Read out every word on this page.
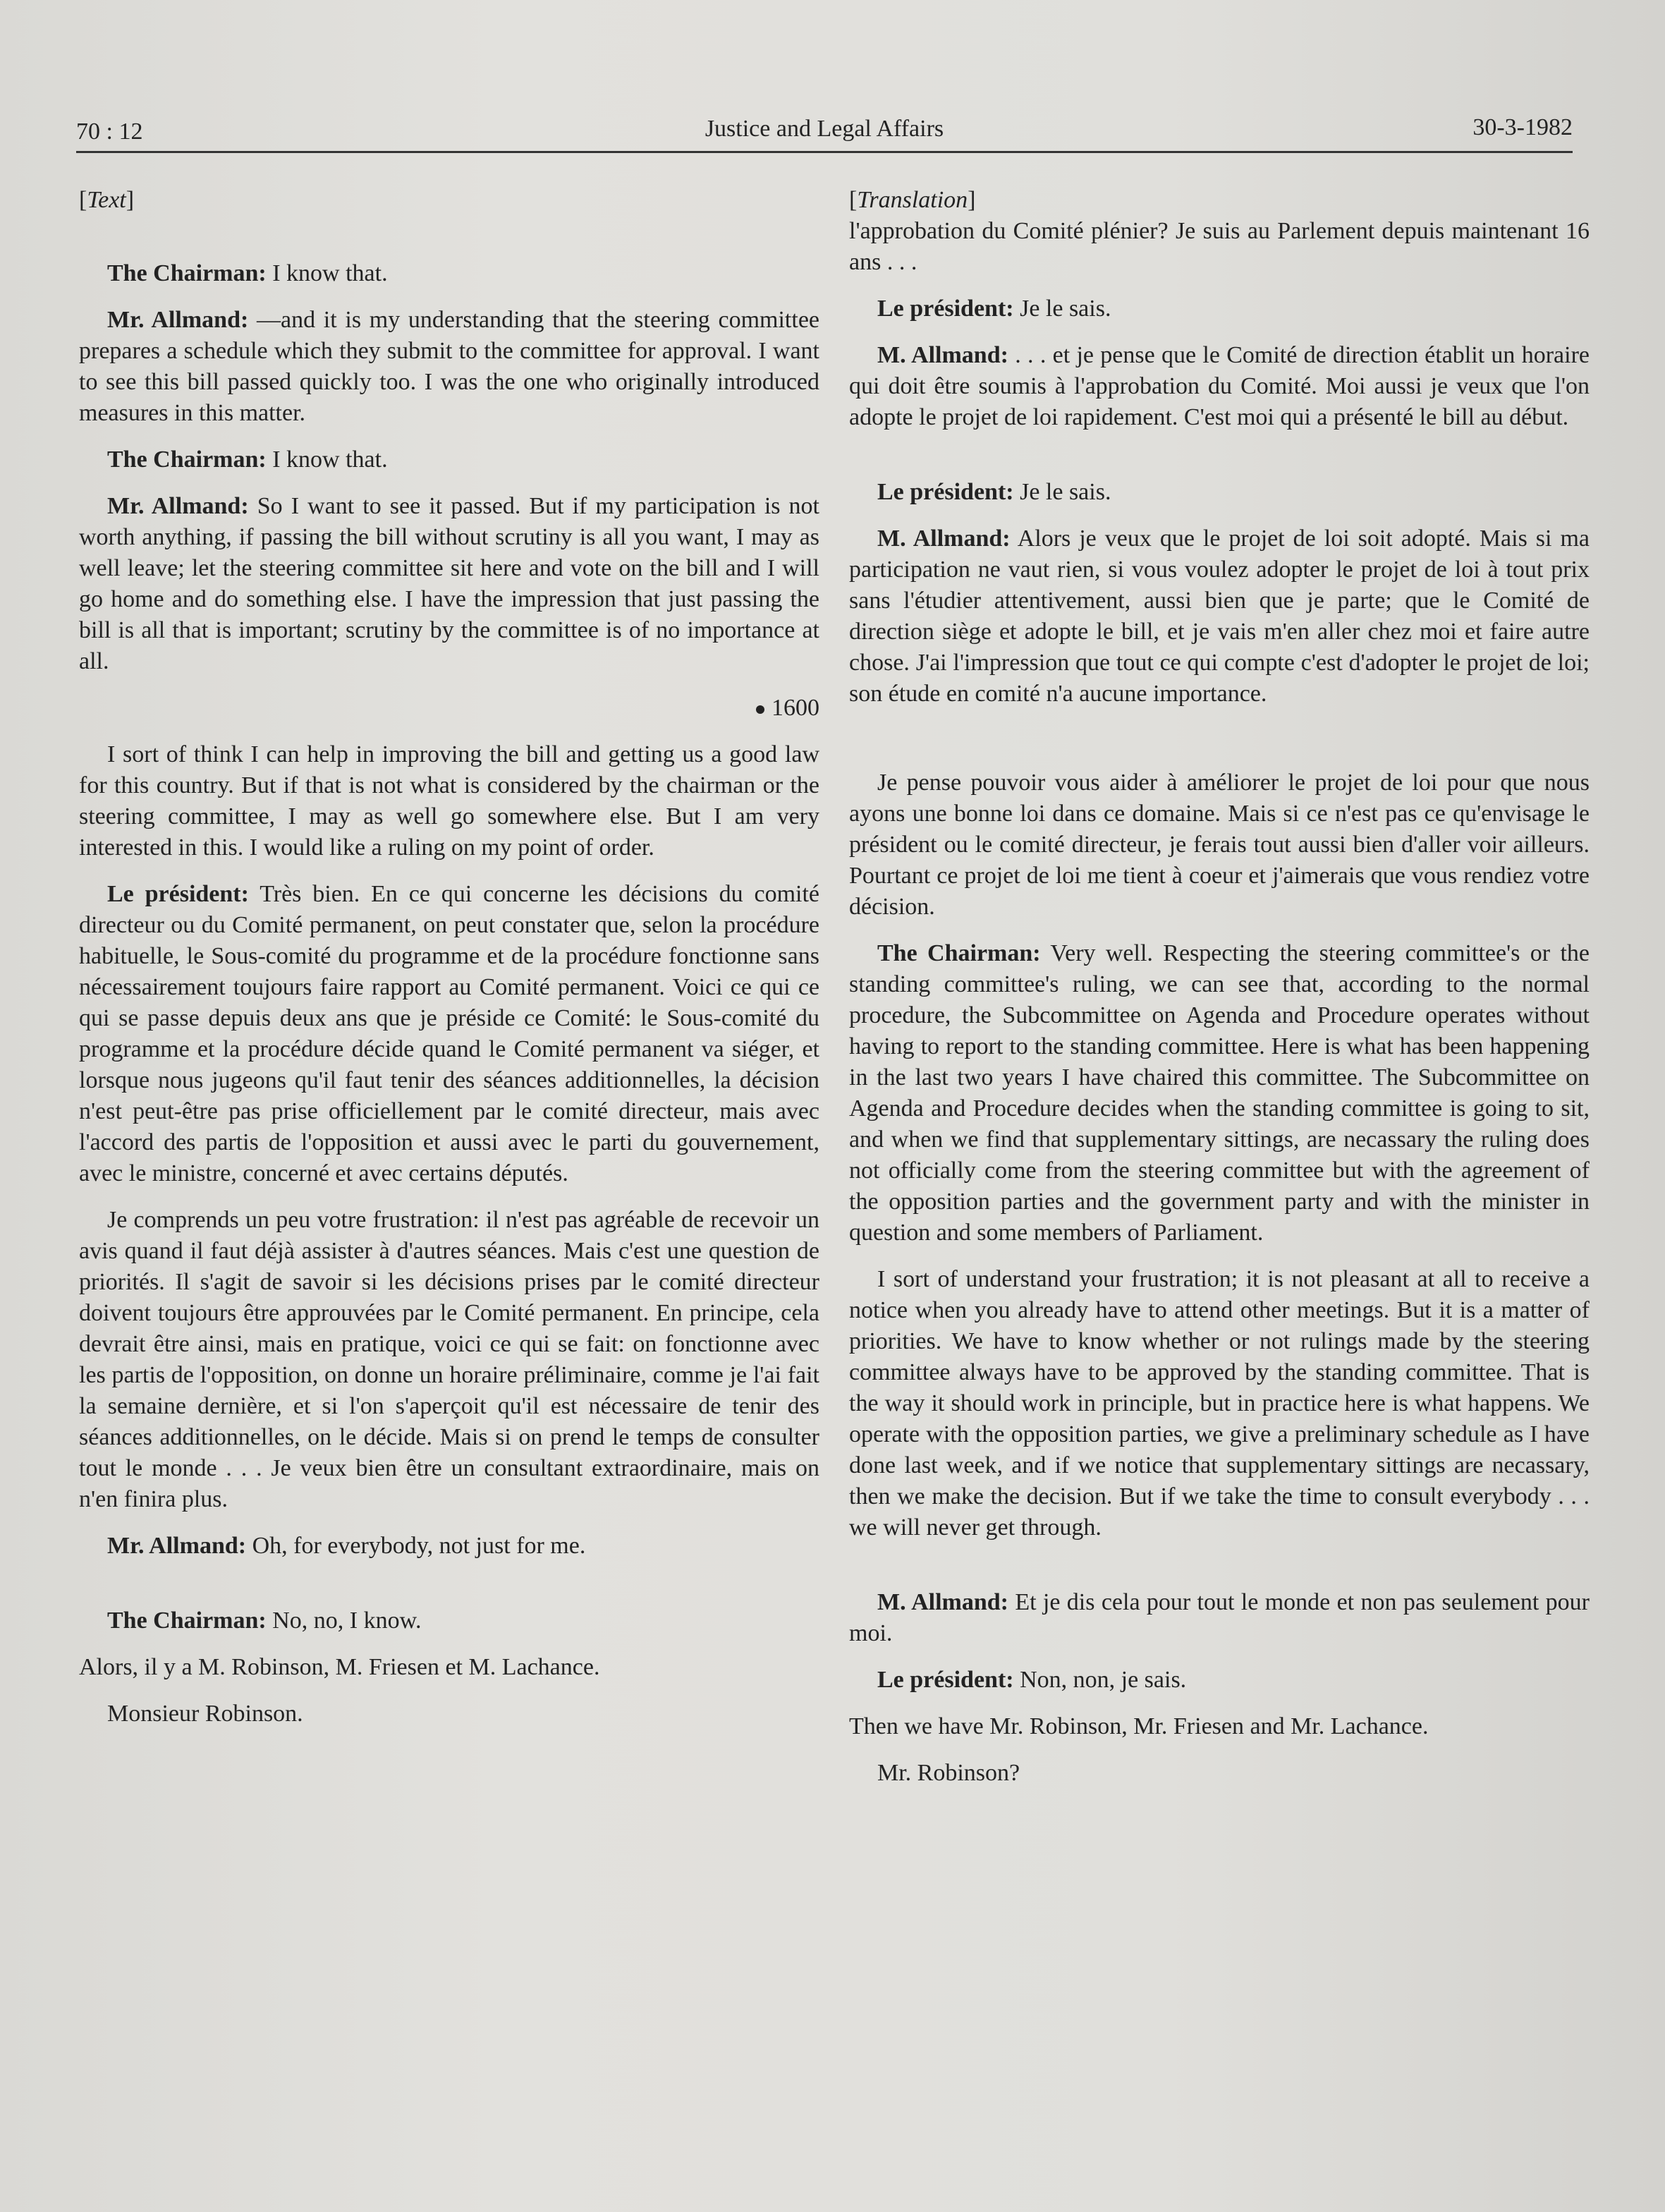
70 : 12	Justice and Legal Affairs	30-3-1982

[Text]

The Chairman: I know that.

Mr. Allmand: —and it is my understanding that the steering committee prepares a schedule which they submit to the committee for approval. I want to see this bill passed quickly too. I was the one who originally introduced measures in this matter.

The Chairman: I know that.

Mr. Allmand: So I want to see it passed. But if my participation is not worth anything, if passing the bill without scrutiny is all you want, I may as well leave; let the steering committee sit here and vote on the bill and I will go home and do something else. I have the impression that just passing the bill is all that is important; scrutiny by the committee is of no importance at all.

1600

I sort of think I can help in improving the bill and getting us a good law for this country. But if that is not what is considered by the chairman or the steering committee, I may as well go somewhere else. But I am very interested in this. I would like a ruling on my point of order.

Le président: Très bien. En ce qui concerne les décisions du comité directeur ou du Comité permanent, on peut constater que, selon la procédure habituelle, le Sous-comité du programme et de la procédure fonctionne sans nécessairement toujours faire rapport au Comité permanent. Voici ce qui ce qui se passe depuis deux ans que je préside ce Comité: le Sous-comité du programme et la procédure décide quand le Comité permanent va siéger, et lorsque nous jugeons qu'il faut tenir des séances additionnelles, la décision n'est peut-être pas prise officiellement par le comité directeur, mais avec l'accord des partis de l'opposition et aussi avec le parti du gouvernement, avec le ministre, concerné et avec certains députés.

Je comprends un peu votre frustration: il n'est pas agréable de recevoir un avis quand il faut déjà assister à d'autres séances. Mais c'est une question de priorités. Il s'agit de savoir si les décisions prises par le comité directeur doivent toujours être approuvées par le Comité permanent. En principe, cela devrait être ainsi, mais en pratique, voici ce qui se fait: on fonctionne avec les partis de l'opposition, on donne un horaire préliminaire, comme je l'ai fait la semaine dernière, et si l'on s'aperçoit qu'il est nécessaire de tenir des séances additionnelles, on le décide. Mais si on prend le temps de consulter tout le monde . . . Je veux bien être un consultant extraordinaire, mais on n'en finira plus.

Mr. Allmand: Oh, for everybody, not just for me.

The Chairman: No, no, I know.

Alors, il y a M. Robinson, M. Friesen et M. Lachance.

Monsieur Robinson.

[Translation]

l'approbation du Comité plénier? Je suis au Parlement depuis maintenant 16 ans . . .

Le président: Je le sais.

M. Allmand: . . . et je pense que le Comité de direction établit un horaire qui doit être soumis à l'approbation du Comité. Moi aussi je veux que l'on adopte le projet de loi rapidement. C'est moi qui a présenté le bill au début.

Le président: Je le sais.

M. Allmand: Alors je veux que le projet de loi soit adopté. Mais si ma participation ne vaut rien, si vous voulez adopter le projet de loi à tout prix sans l'étudier attentivement, aussi bien que je parte; que le Comité de direction siège et adopte le bill, et je vais m'en aller chez moi et faire autre chose. J'ai l'impression que tout ce qui compte c'est d'adopter le projet de loi; son étude en comité n'a aucune importance.

Je pense pouvoir vous aider à améliorer le projet de loi pour que nous ayons une bonne loi dans ce domaine. Mais si ce n'est pas ce qu'envisage le président ou le comité directeur, je ferais tout aussi bien d'aller voir ailleurs. Pourtant ce projet de loi me tient à coeur et j'aimerais que vous rendiez votre décision.

The Chairman: Very well. Respecting the steering committee's or the standing committee's ruling, we can see that, according to the normal procedure, the Subcommittee on Agenda and Procedure operates without having to report to the standing committee. Here is what has been happening in the last two years I have chaired this committee. The Subcommittee on Agenda and Procedure decides when the standing committee is going to sit, and when we find that supplementary sittings, are necassary the ruling does not officially come from the steering committee but with the agreement of the opposition parties and the government party and with the minister in question and some members of Parliament.

I sort of understand your frustration; it is not pleasant at all to receive a notice when you already have to attend other meetings. But it is a matter of priorities. We have to know whether or not rulings made by the steering committee always have to be approved by the standing committee. That is the way it should work in principle, but in practice here is what happens. We operate with the opposition parties, we give a preliminary schedule as I have done last week, and if we notice that supplementary sittings are necassary, then we make the decision. But if we take the time to consult everybody . . . we will never get through.

M. Allmand: Et je dis cela pour tout le monde et non pas seulement pour moi.

Le président: Non, non, je sais.

Then we have Mr. Robinson, Mr. Friesen and Mr. Lachance.

Mr. Robinson?
